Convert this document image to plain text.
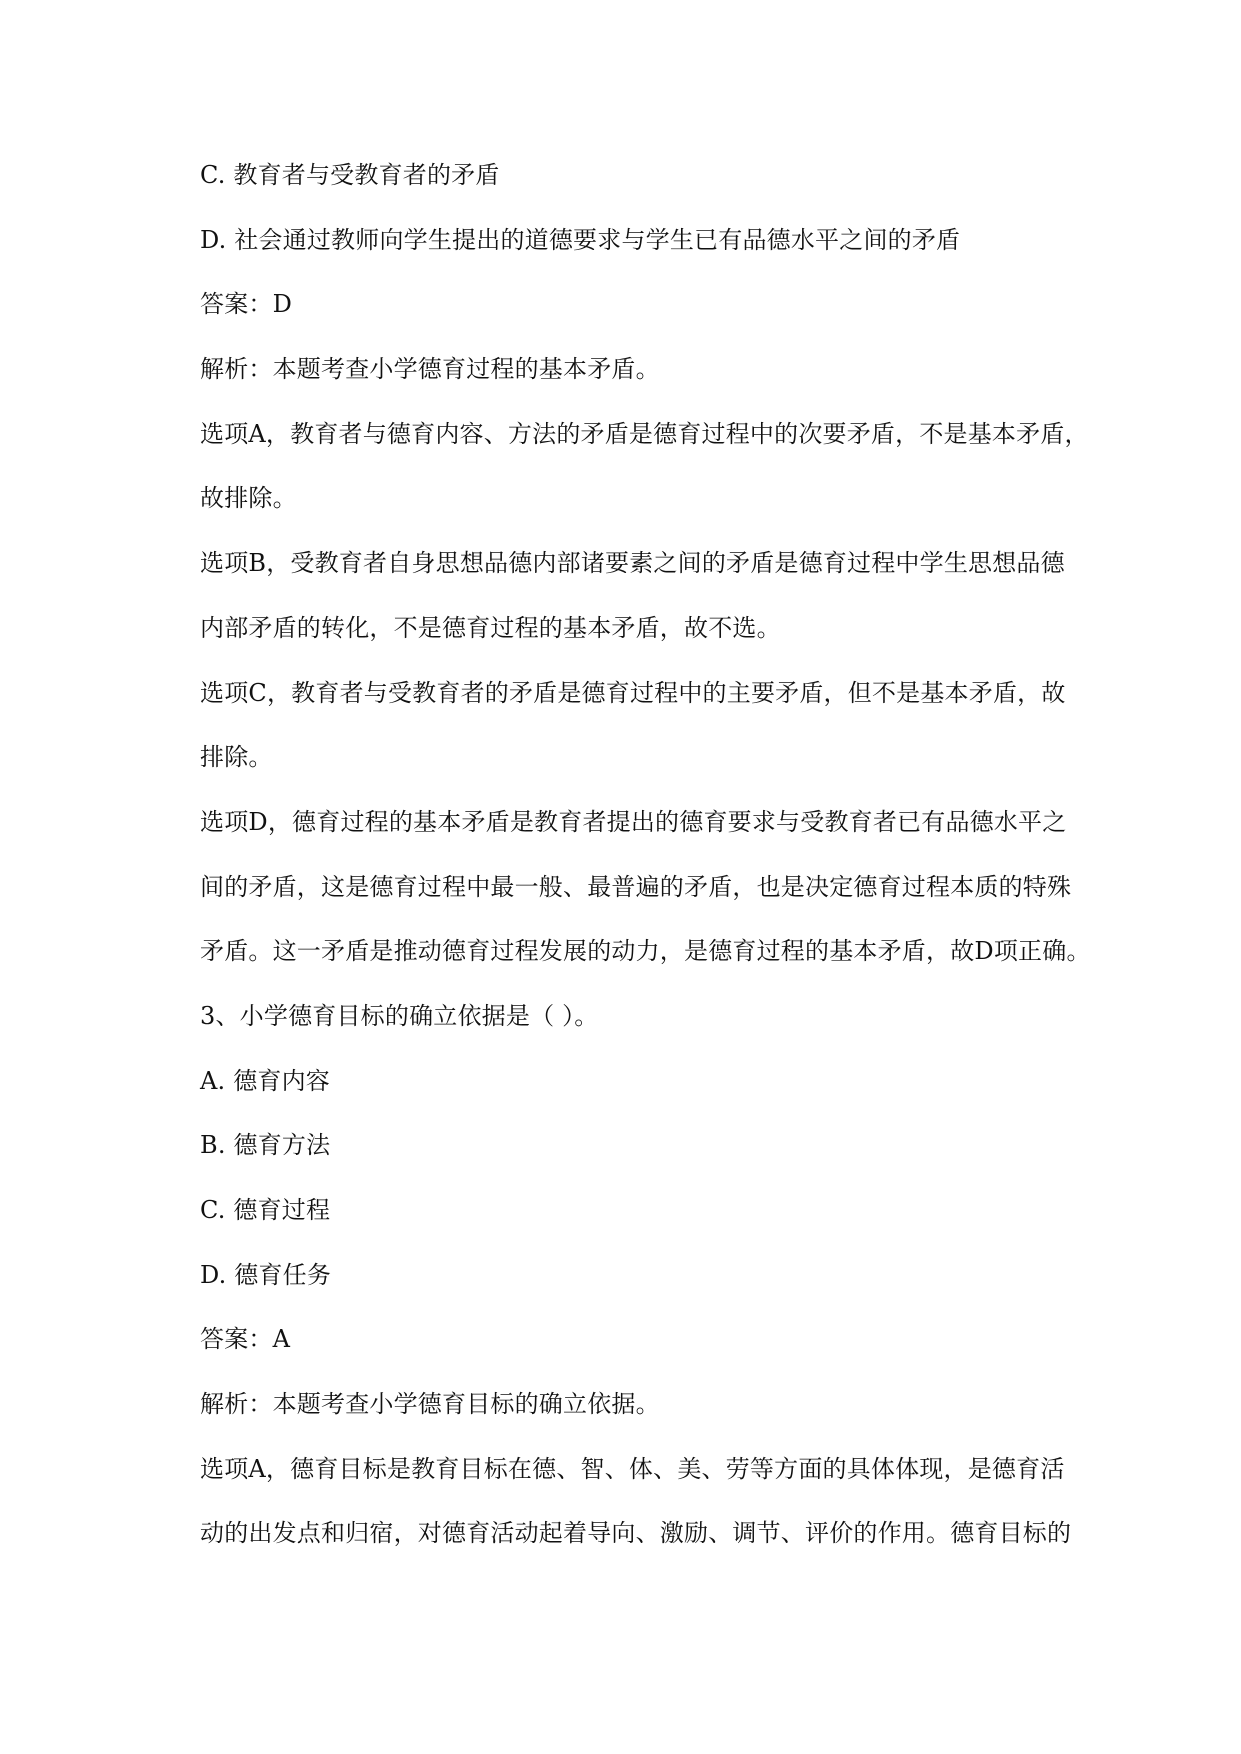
C. 教育者与受教育者的矛盾
D. 社会通过教师向学生提出的道德要求与学生已有品德水平之间的矛盾
答案：D
解析：本题考查小学德育过程的基本矛盾。
选项A，教育者与德育内容、方法的矛盾是德育过程中的次要矛盾，不是基本矛盾，
故排除。
选项B，受教育者自身思想品德内部诸要素之间的矛盾是德育过程中学生思想品德
内部矛盾的转化，不是德育过程的基本矛盾，故不选。
选项C，教育者与受教育者的矛盾是德育过程中的主要矛盾，但不是基本矛盾，故
排除。
选项D，德育过程的基本矛盾是教育者提出的德育要求与受教育者已有品德水平之
间的矛盾，这是德育过程中最一般、最普遍的矛盾，也是决定德育过程本质的特殊
矛盾。这一矛盾是推动德育过程发展的动力，是德育过程的基本矛盾，故D项正确。
3、小学德育目标的确立依据是（ ）。
A. 德育内容
B. 德育方法
C. 德育过程
D. 德育任务
答案：A
解析：本题考查小学德育目标的确立依据。
选项A，德育目标是教育目标在德、智、体、美、劳等方面的具体体现，是德育活
动的出发点和归宿，对德育活动起着导向、激励、调节、评价的作用。德育目标的
